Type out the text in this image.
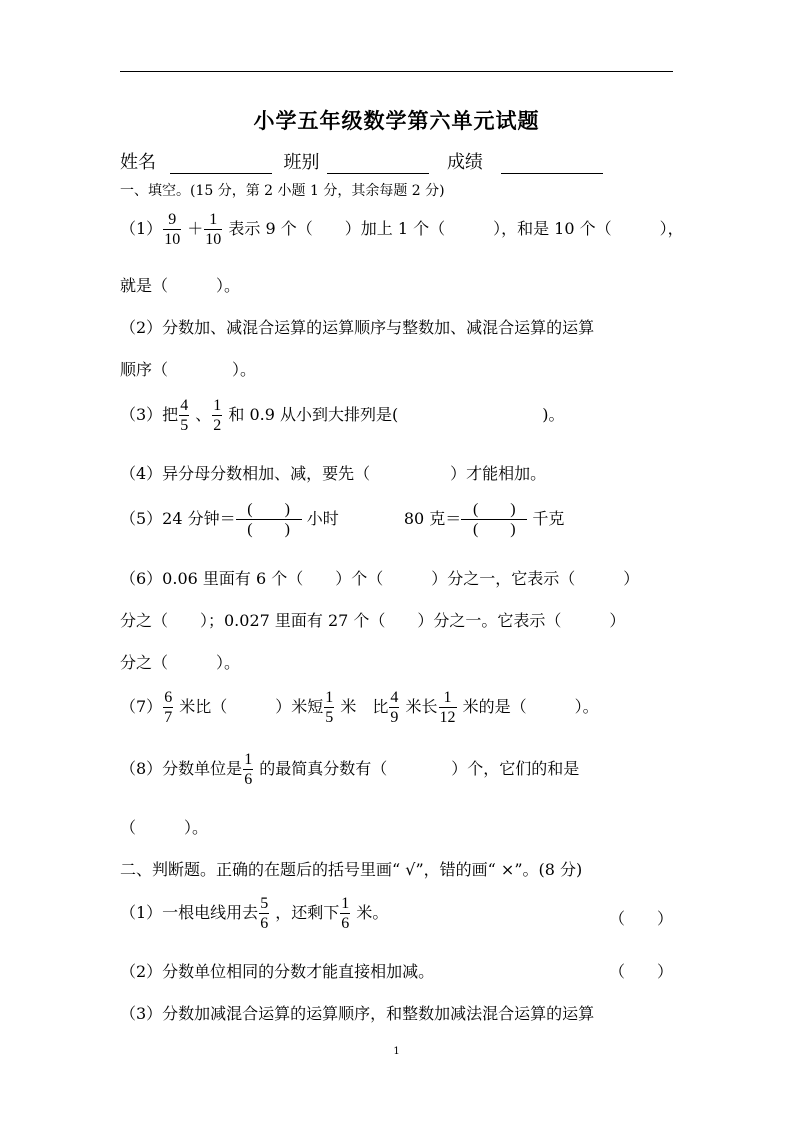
小学五年级数学第六单元试题
姓名	班别	成绩
一、填空。(15 分，第 2 小题 1 分，其余每题 2 分)
$(1) \frac{9}{10} + \frac{1}{10}$ 表示 9 个（　　）加上 1 个（　　　），和是 10 个（　　　），
就是（　　　）。
（2）分数加、减混合运算的运算顺序与整数加、减混合运算的运算
顺序（　　　　）。
（3）把 $\frac{4}{5}$ 、 $\frac{1}{2}$ 和 0.9 从小到大排列是(　　　　　　　　　)。
（4）异分母分数相加、减，要先（　　　　　）才能相加。
（5）24 分钟＝ (　　)
(　　)
小时	80 克＝ (　　)
(　　)
千克
（6）0.06 里面有 6 个（　　）个（　　　）分之一，它表示（　　　）
分之（　　）；0.027 里面有 27 个（　　）分之一。它表示（　　　）
分之（　　　）。
$(7) \frac{6}{7}$ 米比（　　　）米短 $\frac{1}{5}$ 米　比 $\frac{4}{9}$ 米长 $\frac{1}{12}$ 米的是（　　　）。
（8）分数单位是 $\frac{1}{6}$ 的最简真分数有（　　　　）个，它们的和是
（　　　）。
二、判断题。正确的在题后的括号里画“ √”，错的画“ ×”。(8 分)
（1）一根电线用去 $\frac{5}{6}$ ，还剩下 $\frac{1}{6}$ 米。	（　　）
（2）分数单位相同的分数才能直接相加减。	（　　）
（3）分数加减混合运算的运算顺序，和整数加减法混合运算的运算
1
